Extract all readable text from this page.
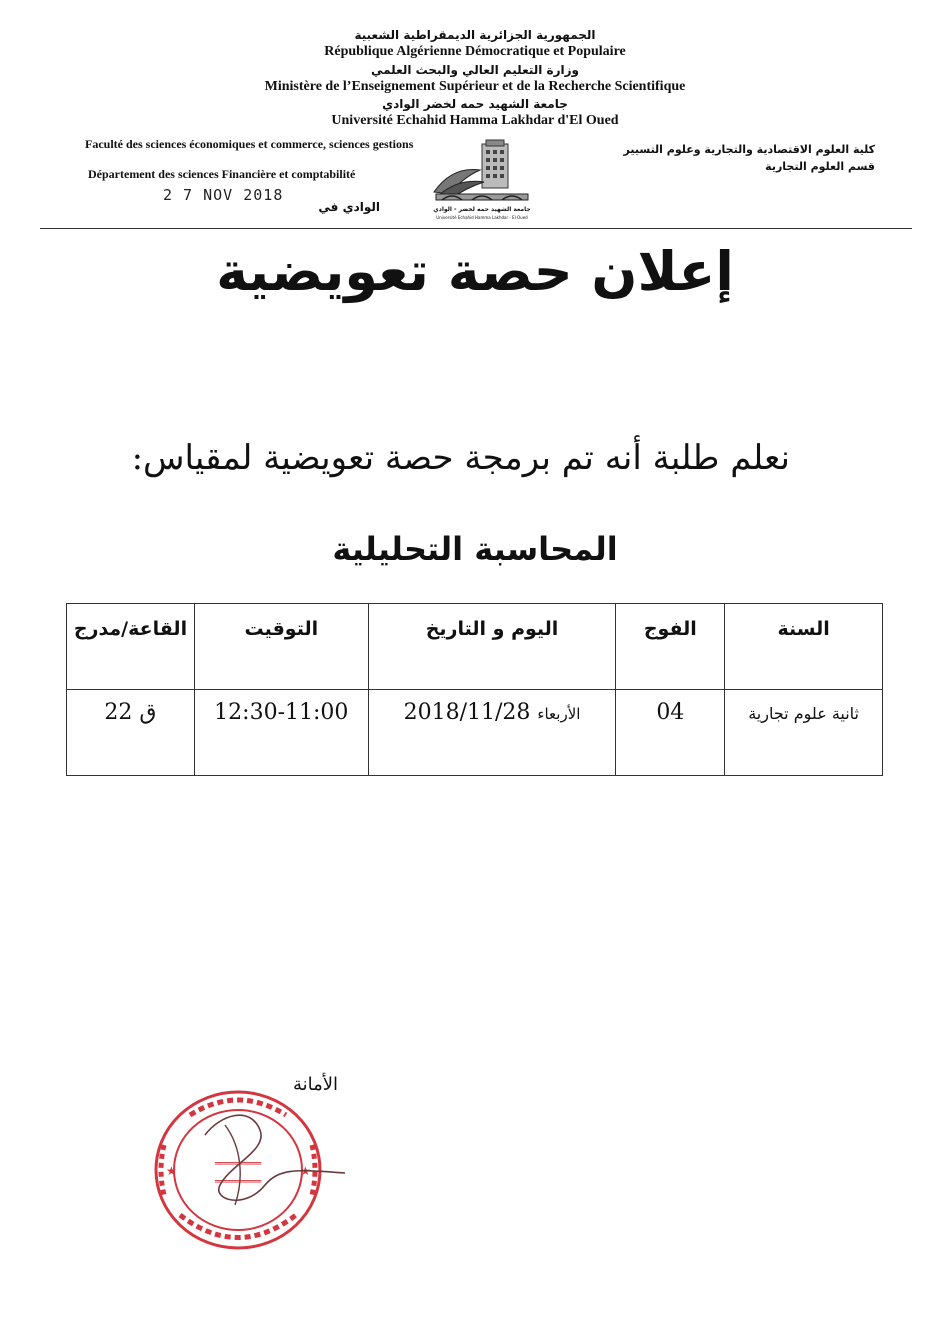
الجمهورية الجزائرية الديمقراطية الشعبية
République Algérienne Démocratique et Populaire
وزارة التعليم العالي والبحث العلمي
Ministère de l’Enseignement Supérieur et de la Recherche Scientifique
جامعة الشهيد حمه لخضر الوادي
Université Echahid Hamma Lakhdar d'El Oued
Faculté des sciences économiques et commerce, sciences gestions
Département des sciences Financière et comptabilité
2 7 NOV 2018
الوادي في
كلية العلوم الاقتصادية والتجارية وعلوم التسيير
قسم العلوم التجارية
جامعة الشهيد حمه لخضر - الوادي
Université Echahid Hamma Lakhdar - El Oued
إعلان حصة تعويضية
نعلم طلبة أنه تم برمجة حصة تعويضية لمقياس:
المحاسبة التحليلية
السنة	الفوج	اليوم و التاريخ	التوقيت	القاعة/مدرج
ثانية علوم تجارية	04	الأربعاء 2018/11/28	12:30-11:00	ق 22
الأمانة
═══════
═══════
★	★
